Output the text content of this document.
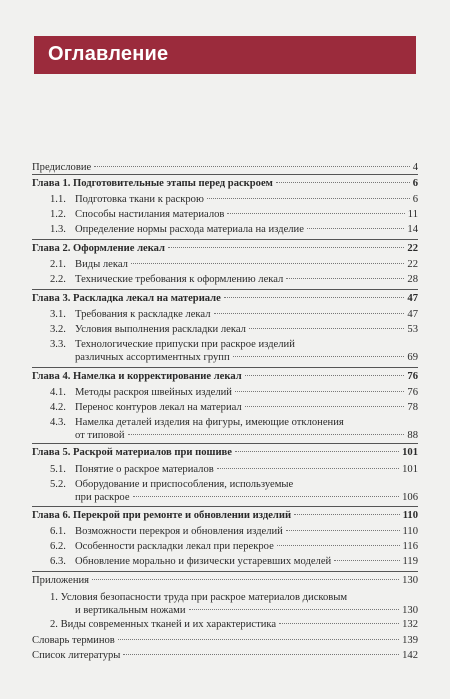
Оглавление
Предисловие	4
Глава 1. Подготовительные этапы перед раскроем	6
1.1. Подготовка ткани к раскрою	6
1.2. Способы настилания материалов	11
1.3. Определение нормы расхода материала на изделие	14
Глава 2. Оформление лекал	22
2.1. Виды лекал	22
2.2. Технические требования к оформлению лекал	28
Глава 3. Раскладка лекал на материале	47
3.1. Требования к раскладке лекал	47
3.2. Условия выполнения раскладки лекал	53
3.3. Технологические припуски при раскрое изделий
различных ассортиментных групп	69
Глава 4. Намелка и корректирование лекал	76
4.1. Методы раскроя швейных изделий	76
4.2. Перенос контуров лекал на материал	78
4.3. Намелка деталей изделия на фигуры, имеющие отклонения
от типовой	88
Глава 5. Раскрой материалов при пошиве	101
5.1. Понятие о раскрое материалов	101
5.2. Оборудование и приспособления, используемые
при раскрое	106
Глава 6. Перекрой при ремонте и обновлении изделий	110
6.1. Возможности перекроя и обновления изделий	110
6.2. Особенности раскладки лекал при перекрое	116
6.3. Обновление морально и физически устаревших моделей	119
Приложения	130
1. Условия безопасности труда при раскрое материалов дисковым
и вертикальным ножами	130
2. Виды современных тканей и их характеристика	132
Словарь терминов	139
Список литературы	142
